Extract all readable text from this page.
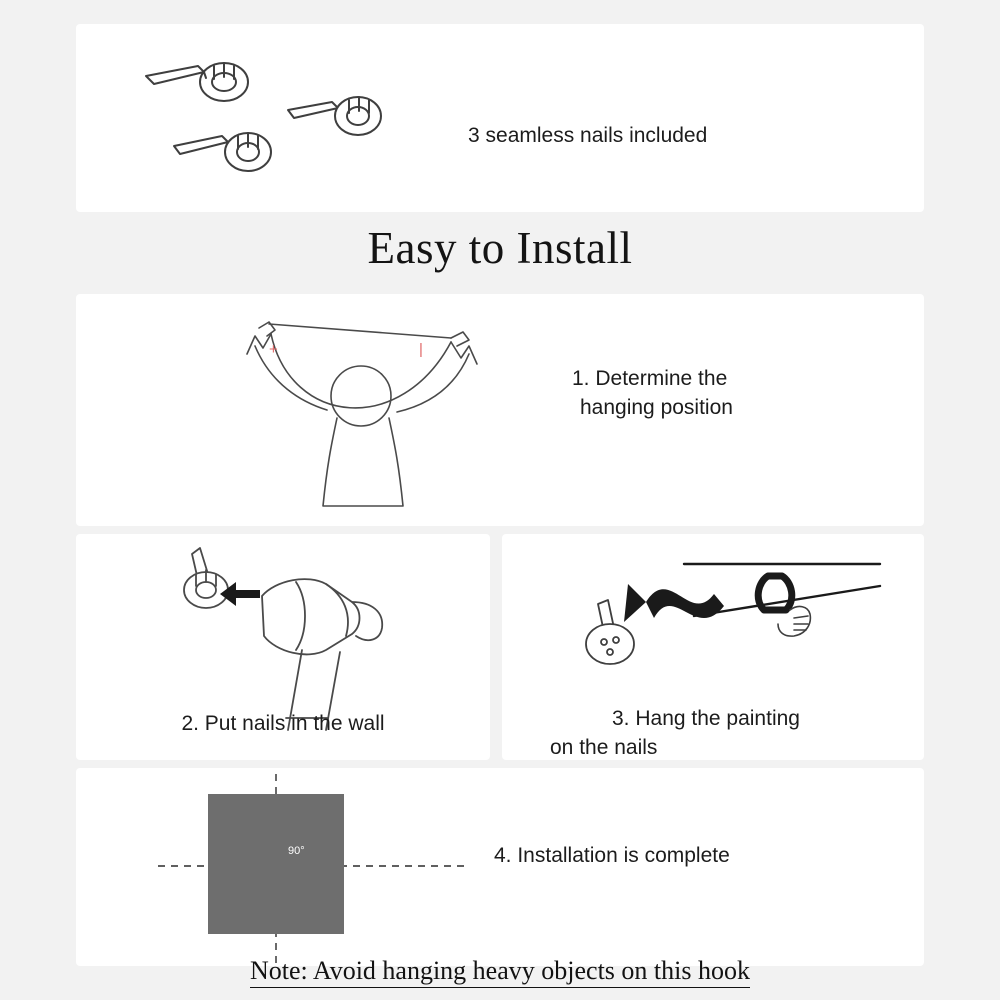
3 seamless nails included
Easy to Install
+	|
1. Determine the
hanging position
2. Put nails in the wall	3. Hang the painting
on the nails
90°	4. Installation is complete
Note: Avoid hanging heavy objects on this hook
